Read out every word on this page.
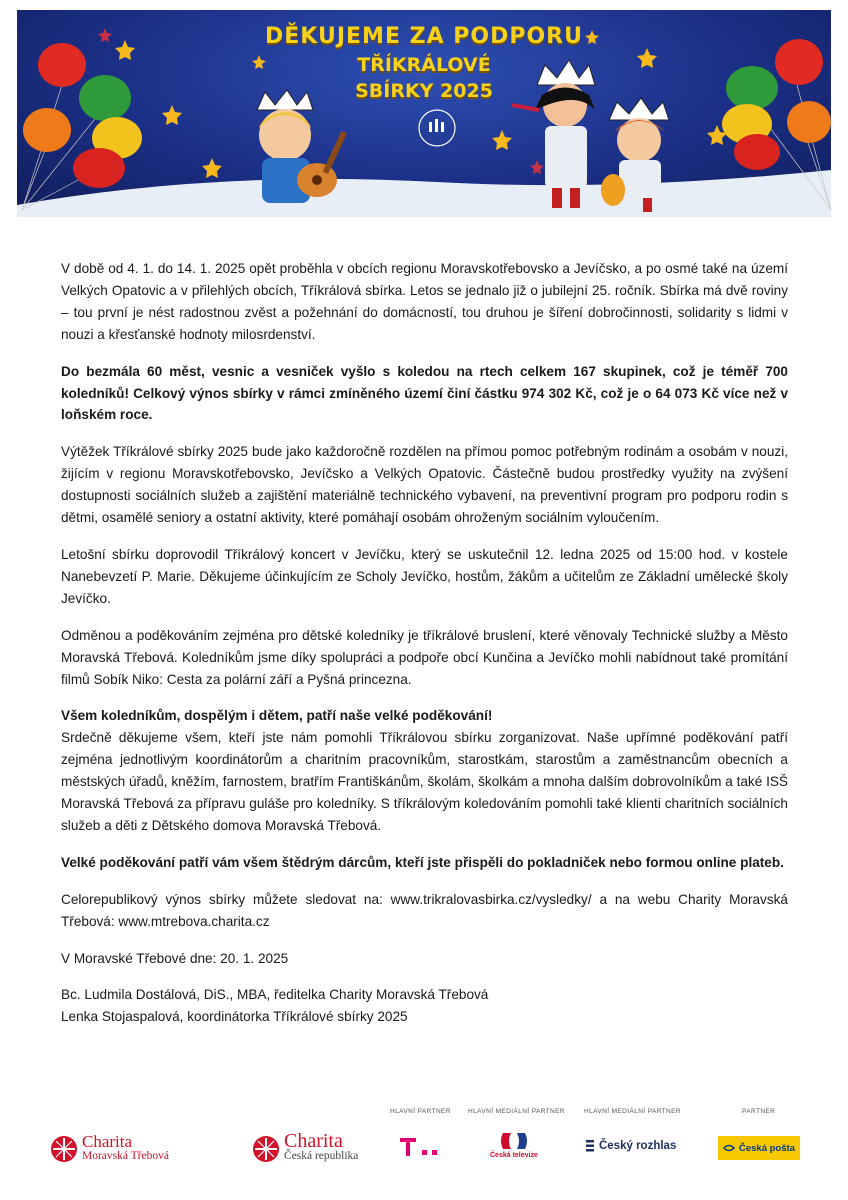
DĚKUJEME ZA PODPORU
TŘÍKRÁLOVÉ
SBÍRKY 2025

V době od 4. 1. do 14. 1. 2025 opět proběhla v obcích regionu Moravskotřebovsko a Jevíčsko, a po osmé také na území Velkých Opatovic a v přilehlých obcích, Tříkrálová sbírka. Letos se jednalo již o jubilejní 25. ročník. Sbírka má dvě roviny – tou první je nést radostnou zvěst a požehnání do domácností, tou druhou je šíření dobročinnosti, solidarity s lidmi v nouzi a křesťanské hodnoty milosrdenství.

Do bezmála 60 měst, vesnic a vesniček vyšlo s koledou na rtech celkem 167 skupinek, což je téměř 700 koledníků! Celkový výnos sbírky v rámci zmíněného území činí částku 974 302 Kč, což je o 64 073 Kč více než v loňském roce.

Výtěžek Tříkrálové sbírky 2025 bude jako každoročně rozdělen na přímou pomoc potřebným rodinám a osobám v nouzi, žijícím v regionu Moravskotřebovsko, Jevíčsko a Velkých Opatovic. Částečně budou prostředky využity na zvýšení dostupnosti sociálních služeb a zajištění materiálně technického vybavení, na preventivní program pro podporu rodin s dětmi, osamělé seniory a ostatní aktivity, které pomáhají osobám ohroženým sociálním vyloučením.

Letošní sbírku doprovodil Tříkrálový koncert v Jevíčku, který se uskutečnil 12. ledna 2025 od 15:00 hod. v kostele Nanebevzetí P. Marie. Děkujeme účinkujícím ze Scholy Jevíčko, hostům, žákům a učitelům ze Základní umělecké školy Jevíčko.

Odměnou a poděkováním zejména pro dětské koledníky je tříkrálové bruslení, které věnovaly Technické služby a Město Moravská Třebová. Koledníkům jsme díky spolupráci a podpoře obcí Kunčina a Jevíčko mohli nabídnout také promítání filmů Sobík Niko: Cesta za polární září a Pyšná princezna.

Všem koledníkům, dospělým i dětem, patří naše velké poděkování!
Srdečně děkujeme všem, kteří jste nám pomohli Tříkrálovou sbírku zorganizovat. Naše upřímné poděkování patří zejména jednotlivým koordinátorům a charitním pracovníkům, starostkám, starostům a zaměstnancům obecních a městských úřadů, kněžím, farnostem, bratřím Františkánům, školám, školkám a mnoha dalším dobrovolníkům a také ISŠ Moravská Třebová za přípravu guláše pro koledníky. S tříkrálovým koledováním pomohli také klienti charitních sociálních služeb a děti z Dětského domova Moravská Třebová.

Velké poděkování patří vám všem štědrým dárcům, kteří jste přispěli do pokladniček nebo formou online plateb.

Celorepublikový výnos sbírky můžete sledovat na: www.trikralovasbirka.cz/vysledky/ a na webu Charity Moravská Třebová: www.mtrebova.charita.cz

V Moravské Třebové dne: 20. 1. 2025

Bc. Ludmila Dostálová, DiS., MBA, ředitelka Charity Moravská Třebová

Lenka Stojaspalová, koordinátorka Tříkrálové sbírky 2025

HLAVNÍ PARTNER	HLAVNÍ MEDIÁLNÍ PARTNER	HLAVNÍ MEDIÁLNÍ PARTNER	PARTNER
Charita
Moravská Třebová
Charita
Česká republika	Česká televize
Český rozhlas	Česká pošta
